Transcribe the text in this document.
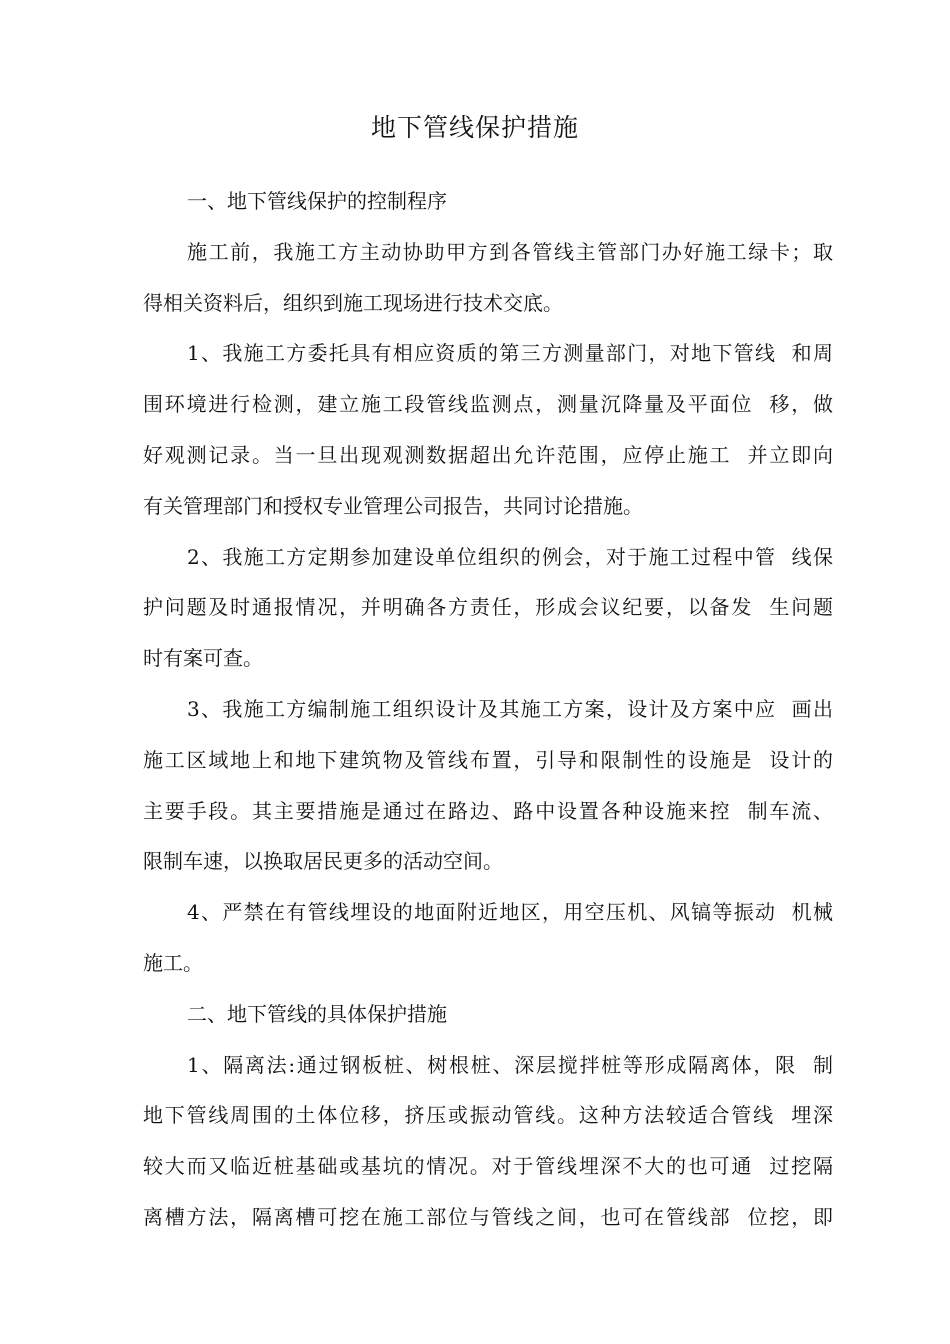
地下管线保护措施
一、地下管线保护的控制程序
施工前，我施工方主动协助甲方到各管线主管部门办好施工绿卡；取
得相关资料后，组织到施工现场进行技术交底。
1、我施工方委托具有相应资质的第三方测量部门，对地下管线  和周
围环境进行检测，建立施工段管线监测点，测量沉降量及平面位  移，做
好观测记录。当一旦出现观测数据超出允许范围，应停止施工  并立即向
有关管理部门和授权专业管理公司报告，共同讨论措施。
2、我施工方定期参加建设单位组织的例会，对于施工过程中管  线保
护问题及时通报情况，并明确各方责任，形成会议纪要，以备发  生问题
时有案可查。
3、我施工方编制施工组织设计及其施工方案，设计及方案中应  画出
施工区域地上和地下建筑物及管线布置，引导和限制性的设施是  设计的
主要手段。其主要措施是通过在路边、路中设置各种设施来控  制车流、
限制车速，以换取居民更多的活动空间。
4、严禁在有管线埋设的地面附近地区，用空压机、风镐等振动  机械
施工。
二、地下管线的具体保护措施
1、隔离法:通过钢板桩、树根桩、深层搅拌桩等形成隔离体，限  制
地下管线周围的土体位移，挤压或振动管线。这种方法较适合管线  埋深
较大而又临近桩基础或基坑的情况。对于管线埋深不大的也可通  过挖隔
离槽方法，隔离槽可挖在施工部位与管线之间，也可在管线部  位挖，即
